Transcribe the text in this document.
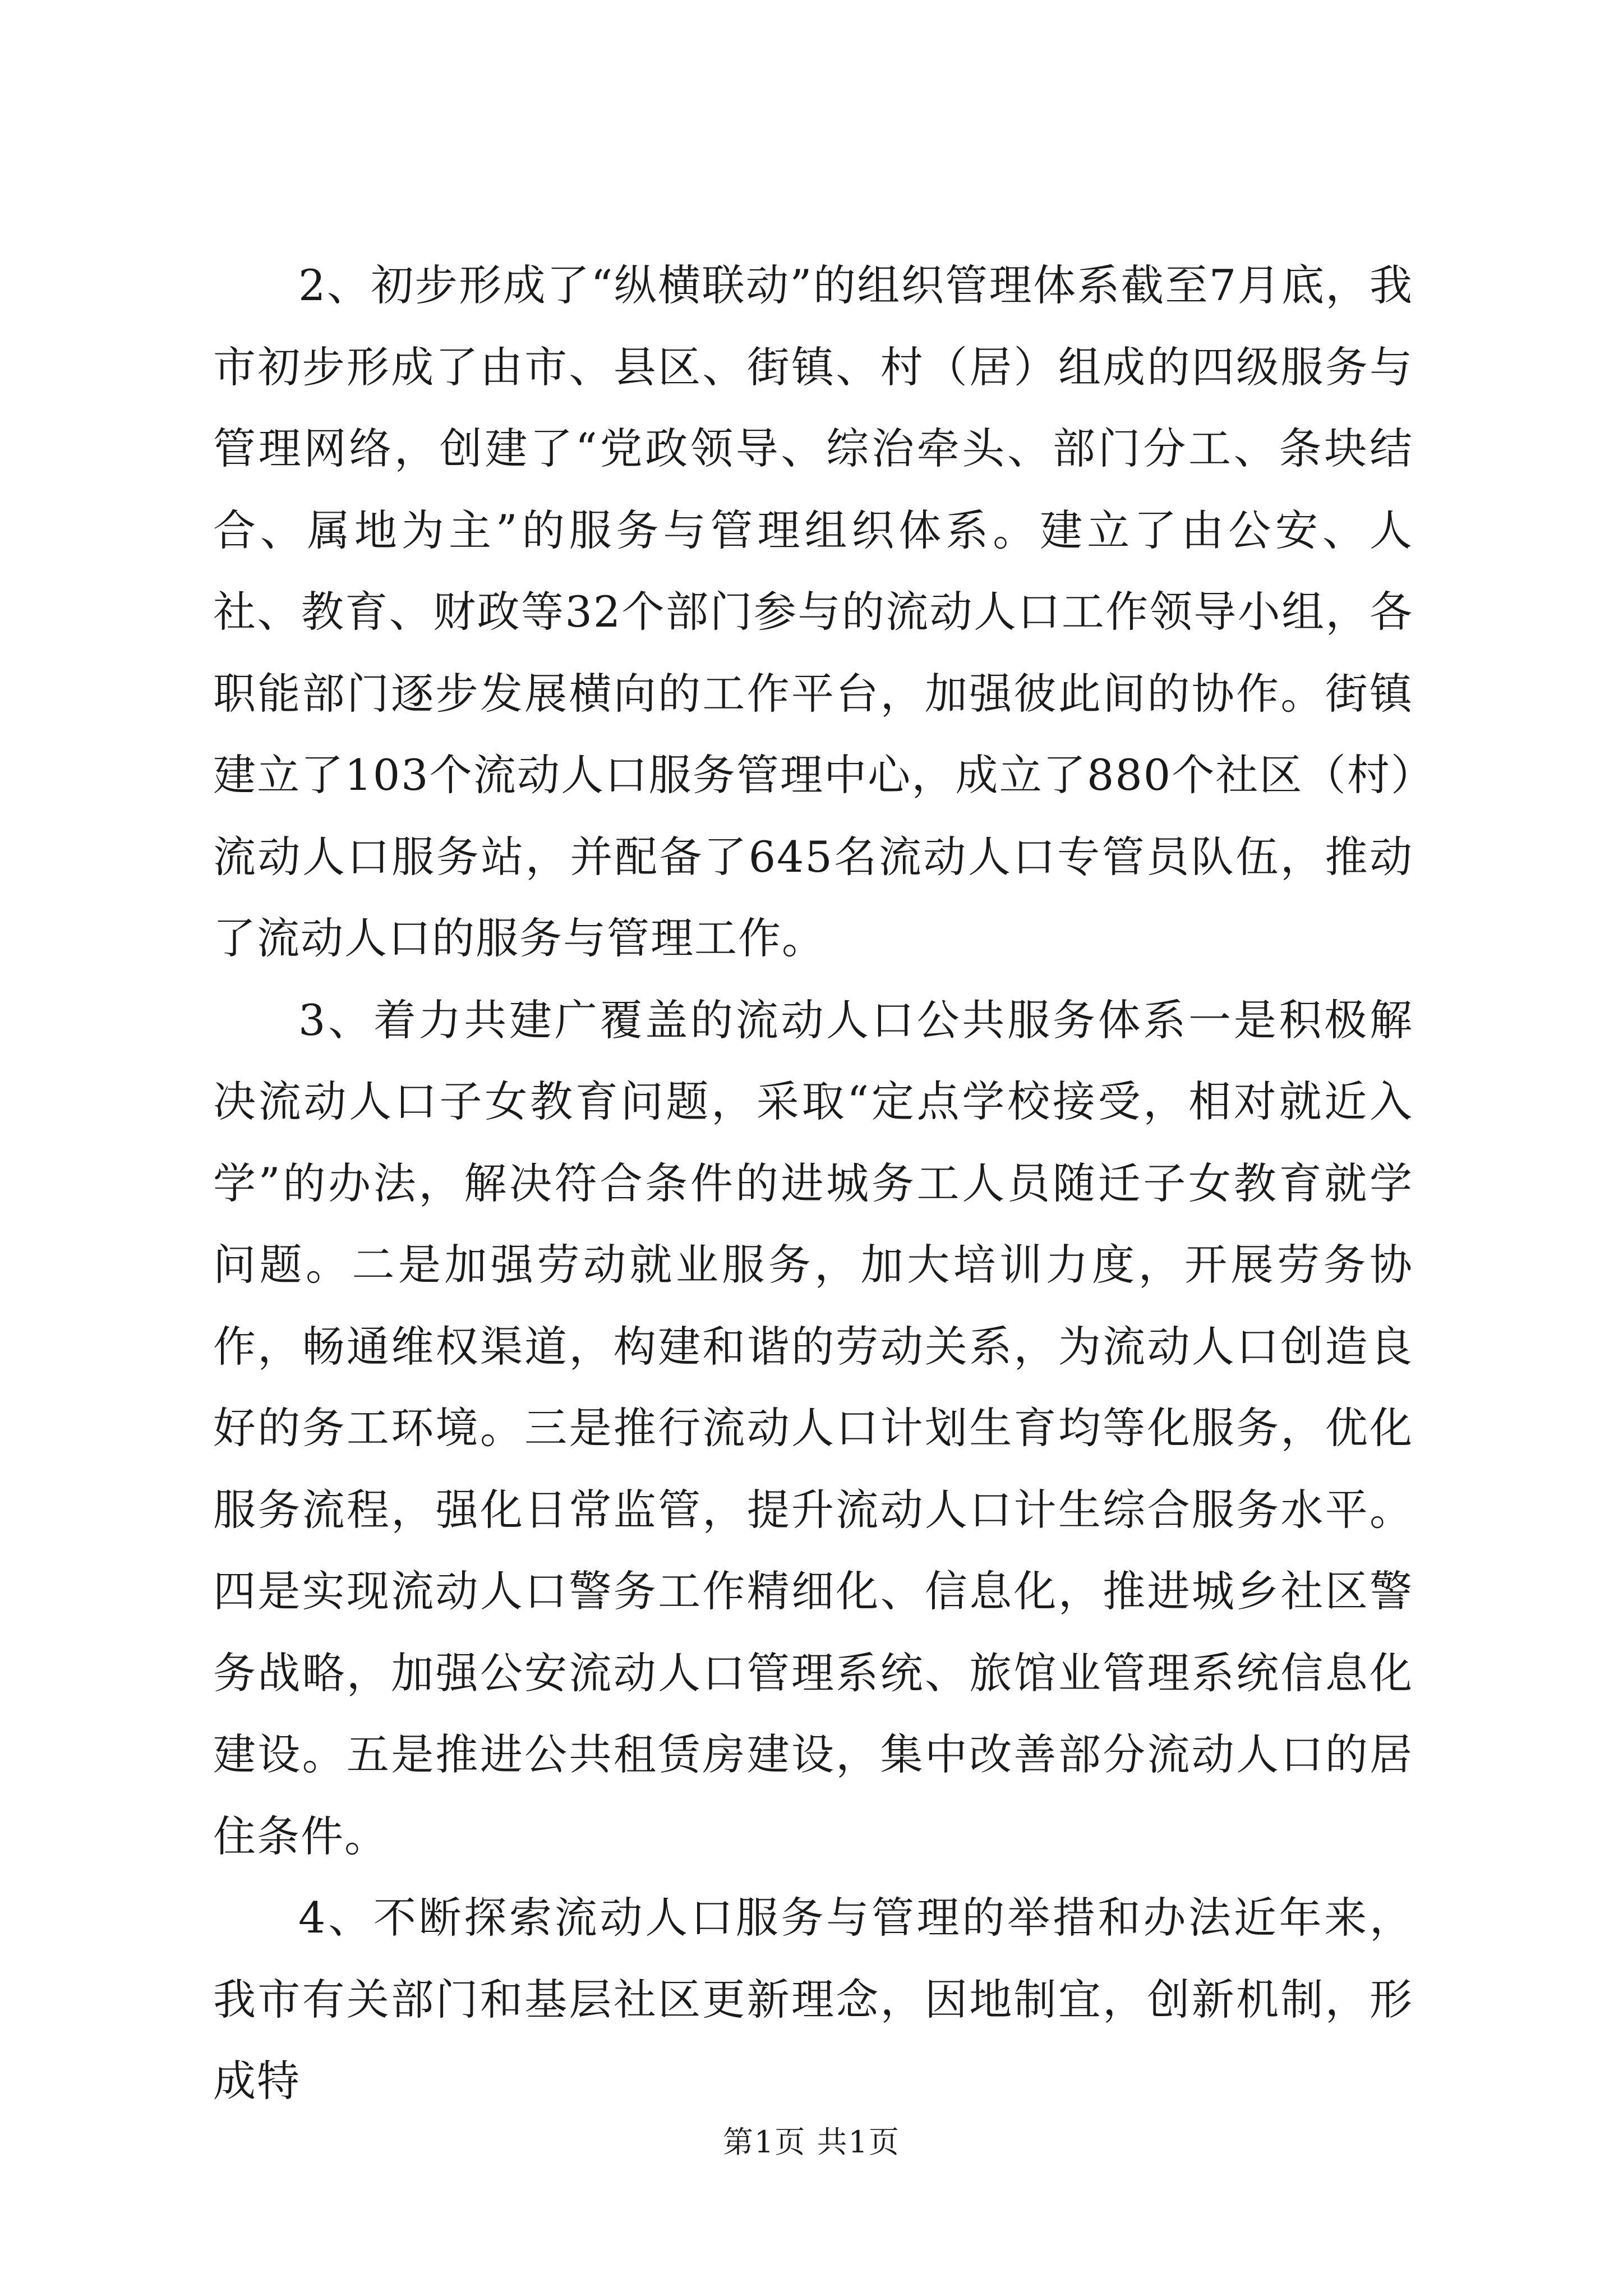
2、初步形成了“纵横联动”的组织管理体系截至7月底，我市初步形成了由市、县区、街镇、村（居）组成的四级服务与管理网络，创建了“党政领导、综治牵头、部门分工、条块结合、属地为主”的服务与管理组织体系。建立了由公安、人社、教育、财政等32个部门参与的流动人口工作领导小组，各职能部门逐步发展横向的工作平台，加强彼此间的协作。街镇建立了103个流动人口服务管理中心，成立了880个社区（村）流动人口服务站，并配备了645名流动人口专管员队伍，推动了流动人口的服务与管理工作。

3、着力共建广覆盖的流动人口公共服务体系一是积极解决流动人口子女教育问题，采取“定点学校接受，相对就近入学”的办法，解决符合条件的进城务工人员随迁子女教育就学问题。二是加强劳动就业服务，加大培训力度，开展劳务协作，畅通维权渠道，构建和谐的劳动关系，为流动人口创造良好的务工环境。三是推行流动人口计划生育均等化服务，优化服务流程，强化日常监管，提升流动人口计生综合服务水平。四是实现流动人口警务工作精细化、信息化，推进城乡社区警务战略，加强公安流动人口管理系统、旅馆业管理系统信息化建设。五是推进公共租赁房建设，集中改善部分流动人口的居住条件。

4、不断探索流动人口服务与管理的举措和办法近年来，我市有关部门和基层社区更新理念，因地制宜，创新机制，形成特

第1页 共1页
